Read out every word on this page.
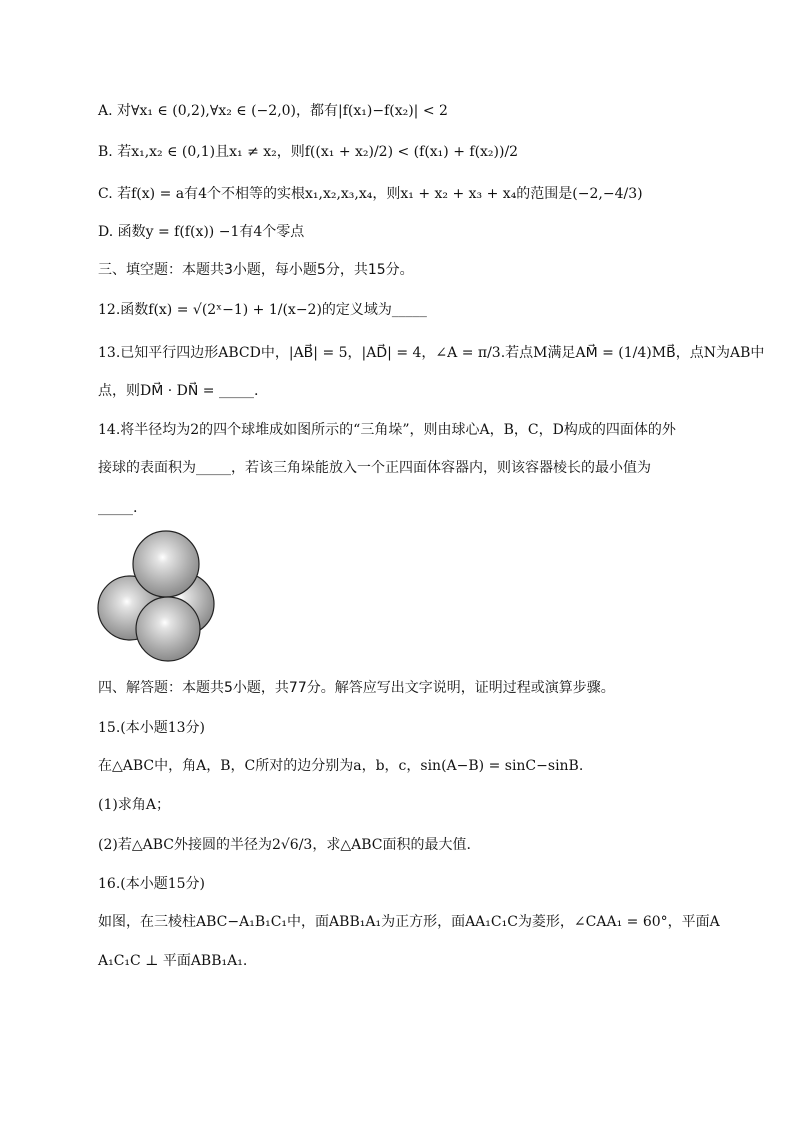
A. 对∀x₁ ∈ (0,2),∀x₂ ∈ (−2,0)，都有|f(x₁)−f(x₂)| < 2
B. 若x₁,x₂ ∈ (0,1)且x₁ ≠ x₂，则f((x₁ + x₂)/2) < (f(x₁) + f(x₂))/2
C. 若f(x) = a有4个不相等的实根x₁,x₂,x₃,x₄，则x₁ + x₂ + x₃ + x₄的范围是(−2,−4/3)
D. 函数y = f(f(x)) −1有4个零点
三、填空题：本题共3小题，每小题5分，共15分。
12.函数f(x) = √(2ˣ−1) + 1/(x−2)的定义域为_____
13.已知平行四边形ABCD中，|AB⃗| = 5，|AD⃗| = 4，∠A = π/3.若点M满足AM⃗ = (1/4)MB⃗，点N为AB中
点，则DM⃗ · DN⃗ = _____.
14.将半径均为2的四个球堆成如图所示的“三角垛”，则由球心A，B，C，D构成的四面体的外
接球的表面积为_____，若该三角垛能放入一个正四面体容器内，则该容器棱长的最小值为
_____.
四、解答题：本题共5小题，共77分。解答应写出文字说明，证明过程或演算步骤。
15.(本小题13分)
在△ABC中，角A，B，C所对的边分别为a，b，c，sin(A−B) = sinC−sinB.
(1)求角A；
(2)若△ABC外接圆的半径为2√6/3，求△ABC面积的最大值.
16.(本小题15分)
如图，在三棱柱ABC−A₁B₁C₁中，面ABB₁A₁为正方形，面AA₁C₁C为菱形，∠CAA₁ = 60°，平面A
A₁C₁C ⊥ 平面ABB₁A₁.
